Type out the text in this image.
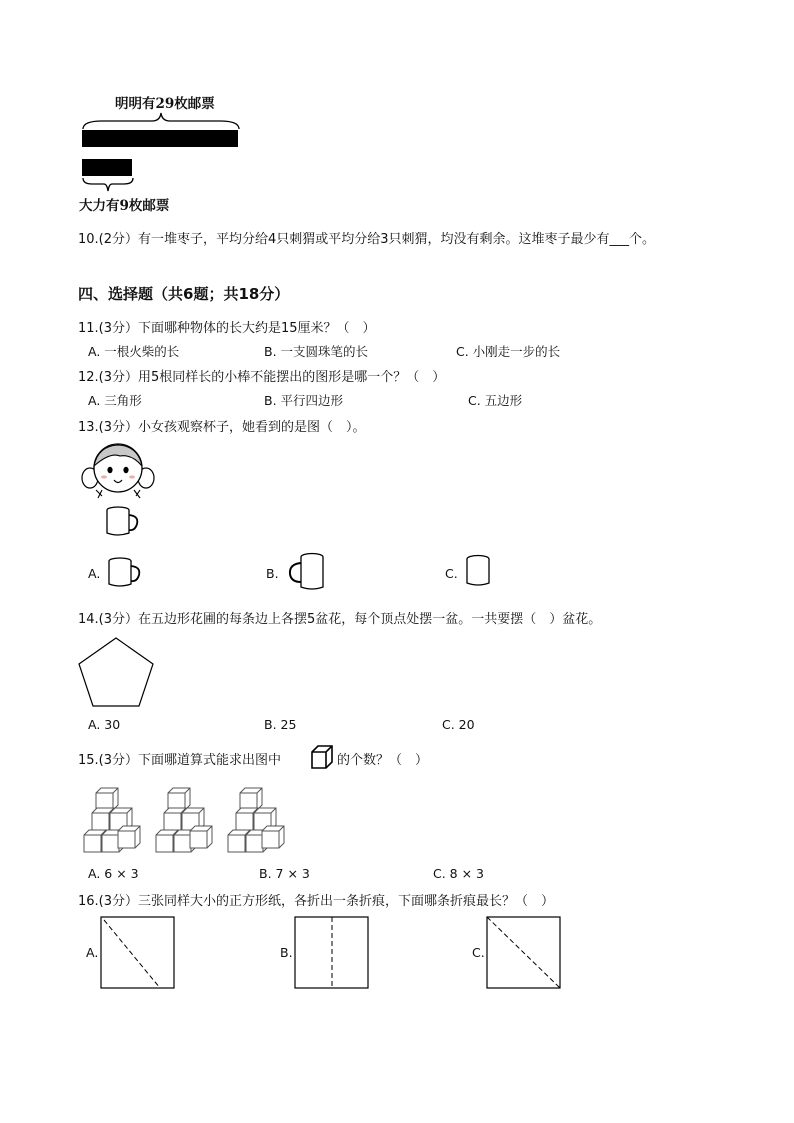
明明有29枚邮票
大力有9枚邮票
10.(2分）有一堆枣子，平均分给4只刺猬或平均分给3只刺猬，均没有剩余。这堆枣子最少有___个。
四、选择题（共6题；共18分）
11.(3分）下面哪种物体的长大约是15厘米？（　）
A. 一根火柴的长	B. 一支圆珠笔的长	C. 小刚走一步的长
12.(3分）用5根同样长的小棒不能摆出的图形是哪一个？（　）
A. 三角形	B. 平行四边形	C. 五边形
13.(3分）小女孩观察杯子，她看到的是图（　）。
A.	B.	C.
14.(3分）在五边形花圃的每条边上各摆5盆花，每个顶点处摆一盆。一共要摆（　）盆花。
A. 30	B. 25	C. 20
15.(3分）下面哪道算式能求出图中	的个数？（　）
A. 6 × 3	B. 7 × 3	C. 8 × 3
16.(3分）三张同样大小的正方形纸，各折出一条折痕，下面哪条折痕最长？（　）
A.	B.	C.
